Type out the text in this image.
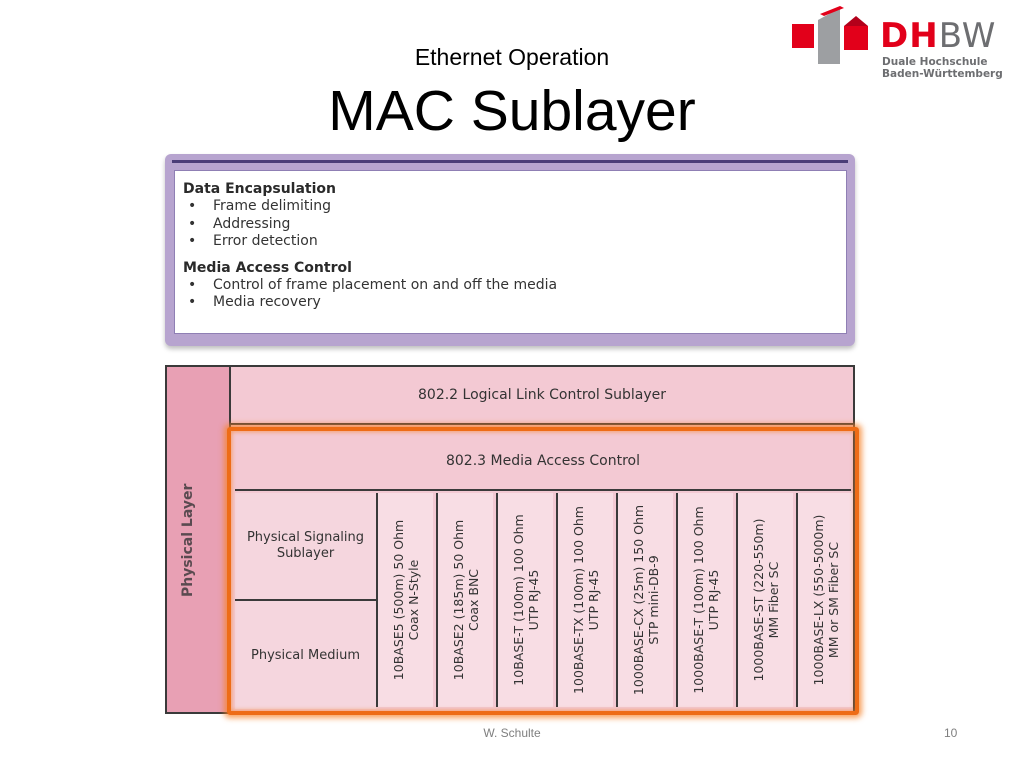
Ethernet Operation
MAC Sublayer
DHBW
Duale Hochschule
Baden-Württemberg
Data Encapsulation
• Frame delimiting
• Addressing
• Error detection
Media Access Control
• Control of frame placement on and off the media
• Media recovery
Physical Layer
802.2 Logical Link Control Sublayer
802.3 Media Access Control
Physical Signaling Sublayer
Physical Medium	10BASE5 (500m) 50 Ohm Coax N-Style 10BASE2 (185m) 50 Ohm Coax BNC 10BASE-T (100m) 100 Ohm UTP RJ-45 100BASE-TX (100m) 100 Ohm UTP RJ-45 1000BASE-CX (25m) 150 Ohm STP mini-DB-9 1000BASE-T (100m) 100 Ohm UTP RJ-45 1000BASE-ST (220-550m) MM Fiber SC 1000BASE-LX (550-5000m) MM or SM Fiber SC
W. Schulte	10
